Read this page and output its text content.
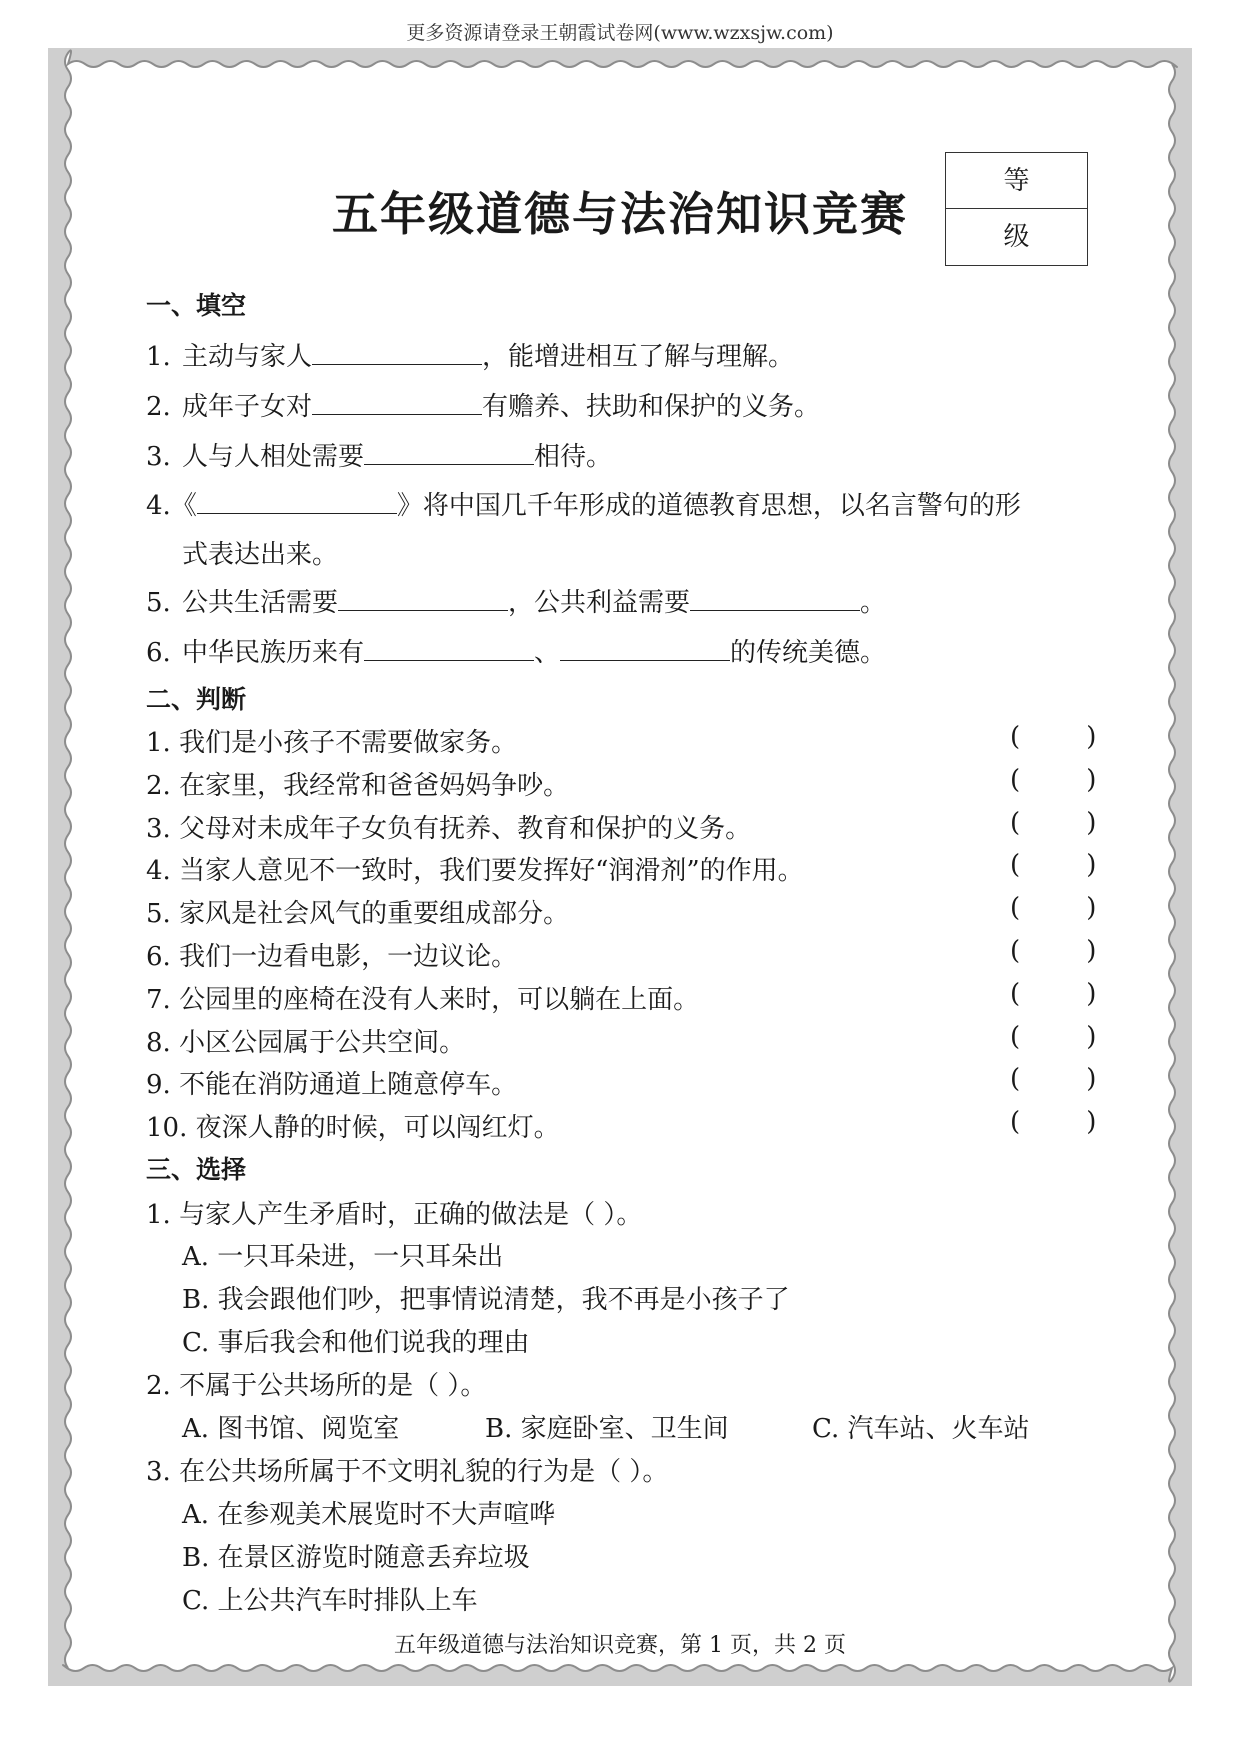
更多资源请登录王朝霞试卷网(www.wzxsjw.com)
五年级道德与法治知识竞赛
等级
一、填空
1. 主动与家人	，能增进相互了解与理解。
2. 成年子女对	有赡养、扶助和保护的义务。
3. 人与人相处需要	相待。
4.《	》将中国几千年形成的道德教育思想，以名言警句的形
式表达出来。
5. 公共生活需要	，公共利益需要	。
6. 中华民族历来有	、	的传统美德。
二、判断
1. 我们是小孩子不需要做家务。	(        )
2. 在家里，我经常和爸爸妈妈争吵。	(        )
3. 父母对未成年子女负有抚养、教育和保护的义务。	(        )
4. 当家人意见不一致时，我们要发挥好“润滑剂”的作用。	(        )
5. 家风是社会风气的重要组成部分。	(        )
6. 我们一边看电影，一边议论。	(        )
7. 公园里的座椅在没有人来时，可以躺在上面。	(        )
8. 小区公园属于公共空间。	(        )
9. 不能在消防通道上随意停车。	(        )
10. 夜深人静的时候，可以闯红灯。	(        )
三、选择
1. 与家人产生矛盾时，正确的做法是（ ）。
A. 一只耳朵进，一只耳朵出
B. 我会跟他们吵，把事情说清楚，我不再是小孩子了
C. 事后我会和他们说我的理由
2. 不属于公共场所的是（ ）。
A. 图书馆、阅览室	B. 家庭卧室、卫生间	C. 汽车站、火车站
3. 在公共场所属于不文明礼貌的行为是（ ）。
A. 在参观美术展览时不大声喧哗
B. 在景区游览时随意丢弃垃圾
C. 上公共汽车时排队上车
五年级道德与法治知识竞赛，第 1 页，共 2 页
